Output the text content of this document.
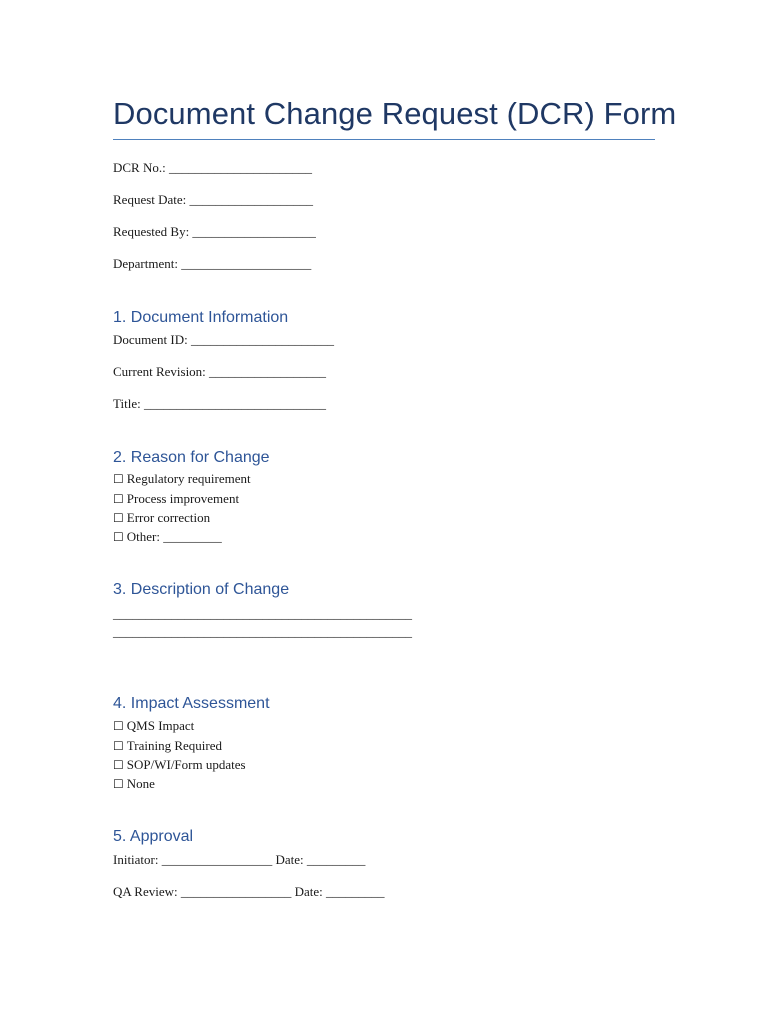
Document Change Request (DCR) Form
DCR No.: ______________________
Request Date: ___________________
Requested By: ___________________
Department: ____________________
1. Document Information
Document ID: ______________________
Current Revision: __________________
Title: ____________________________
2. Reason for Change
☐ Regulatory requirement
☐ Process improvement
☐ Error correction
☐ Other: _________
3. Description of Change
______________________________________________
______________________________________________
4. Impact Assessment
☐ QMS Impact
☐ Training Required
☐ SOP/WI/Form updates
☐ None
5. Approval
Initiator: _________________ Date: _________
QA Review: _________________ Date: _________
